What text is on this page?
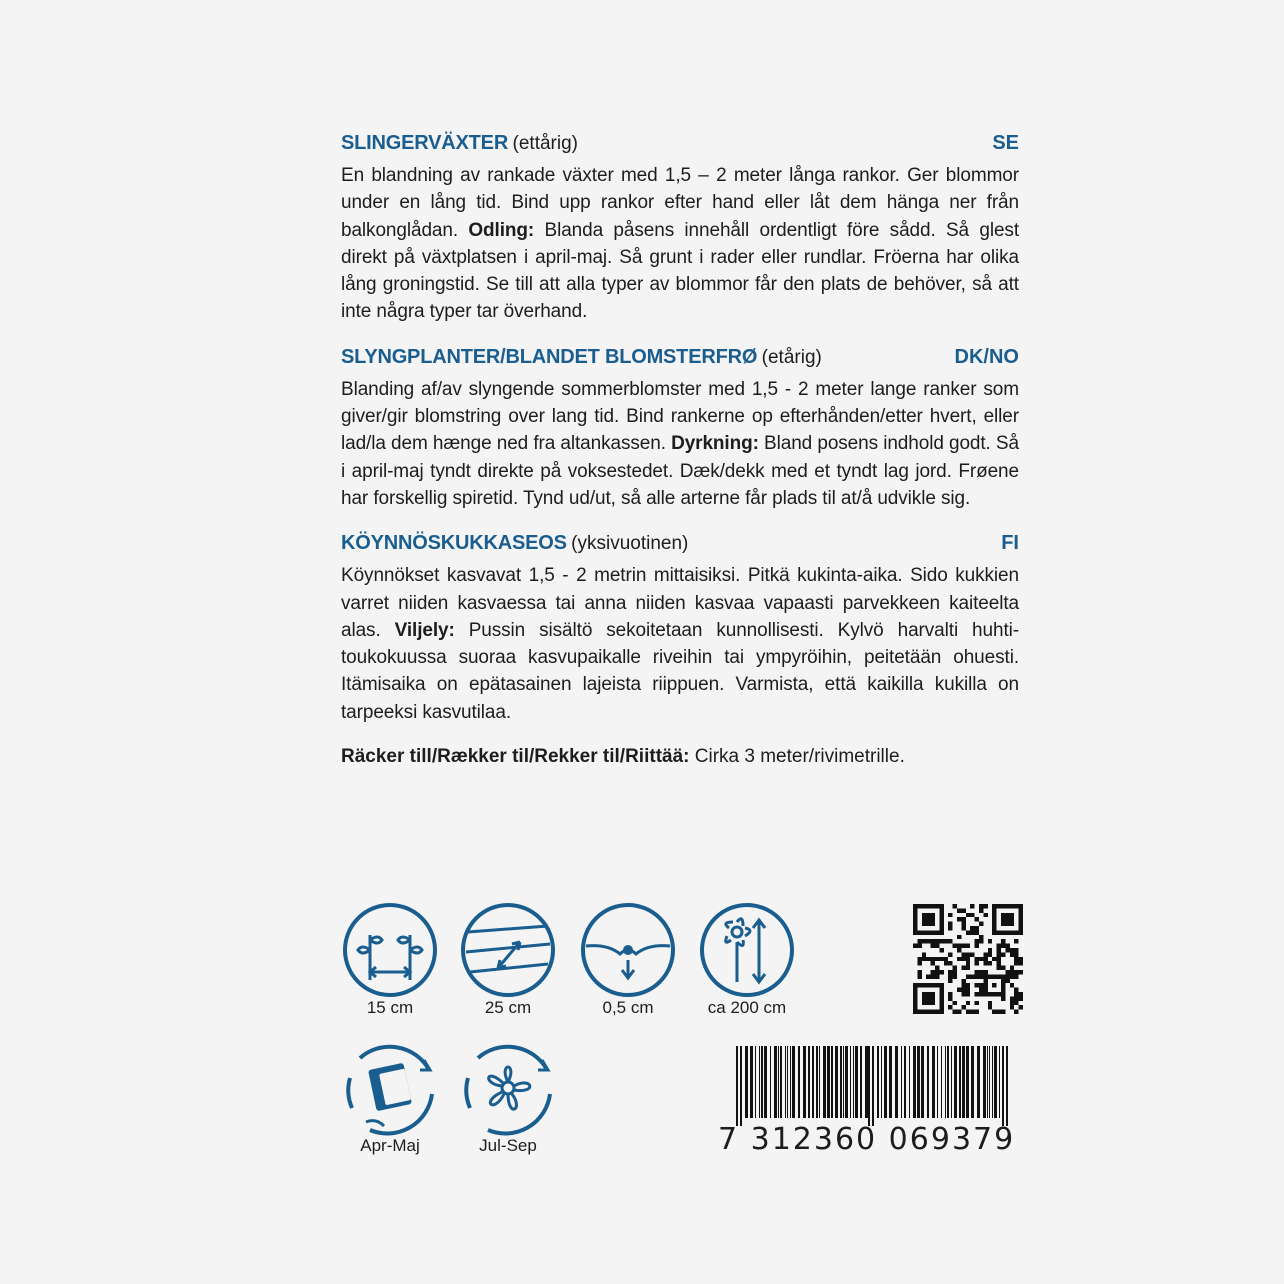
SLINGERVÄXTER (ettårig)	SE
En blandning av rankade växter med 1,5 – 2 meter långa rankor. Ger blommor under en lång tid. Bind upp rankor efter hand eller låt dem hänga ner från balkonglådan. Odling: Blanda påsens innehåll ordentligt före sådd. Så glest direkt på växtplatsen i april-maj. Så grunt i rader eller rundlar. Fröerna har olika lång groningstid. Se till att alla typer av blommor får den plats de behöver, så att inte några typer tar överhand.
SLYNGPLANTER/BLANDET BLOMSTERFRØ (etårig)	DK/NO
Blanding af/av slyngende sommerblomster med 1,5 - 2 meter lange ranker som giver/gir blomstring over lang tid. Bind rankerne op efterhånden/etter hvert, eller lad/la dem hænge ned fra altankassen. Dyrkning: Bland posens indhold godt. Så i april-maj tyndt direkte på voksestedet. Dæk/dekk med et tyndt lag jord. Frøene har forskellig spiretid. Tynd ud/ut, så alle arterne får plads til at/å udvikle sig.
KÖYNNÖSKUKKASEOS (yksivuotinen)	FI
Köynnökset kasvavat 1,5 - 2 metrin mittaisiksi. Pitkä kukinta-aika. Sido kukkien varret niiden kasvaessa tai anna niiden kasvaa vapaasti parvekkeen kaiteelta alas. Viljely: Pussin sisältö sekoitetaan kunnollisesti. Kylvö harvalti huhti-toukokuussa suoraa kasvupaikalle riveihin tai ympyröihin, peitetään ohuesti. Itämisaika on epätasainen lajeista riippuen. Varmista, että kaikilla kukilla on tarpeeksi kasvutilaa.
Räcker till/Rækker til/Rekker til/Riittää: Cirka 3 meter/rivimetrille.
15 cm	25 cm	0,5 cm	ca 200 cm
Apr-Maj	Jul-Sep	7 312360 069379
